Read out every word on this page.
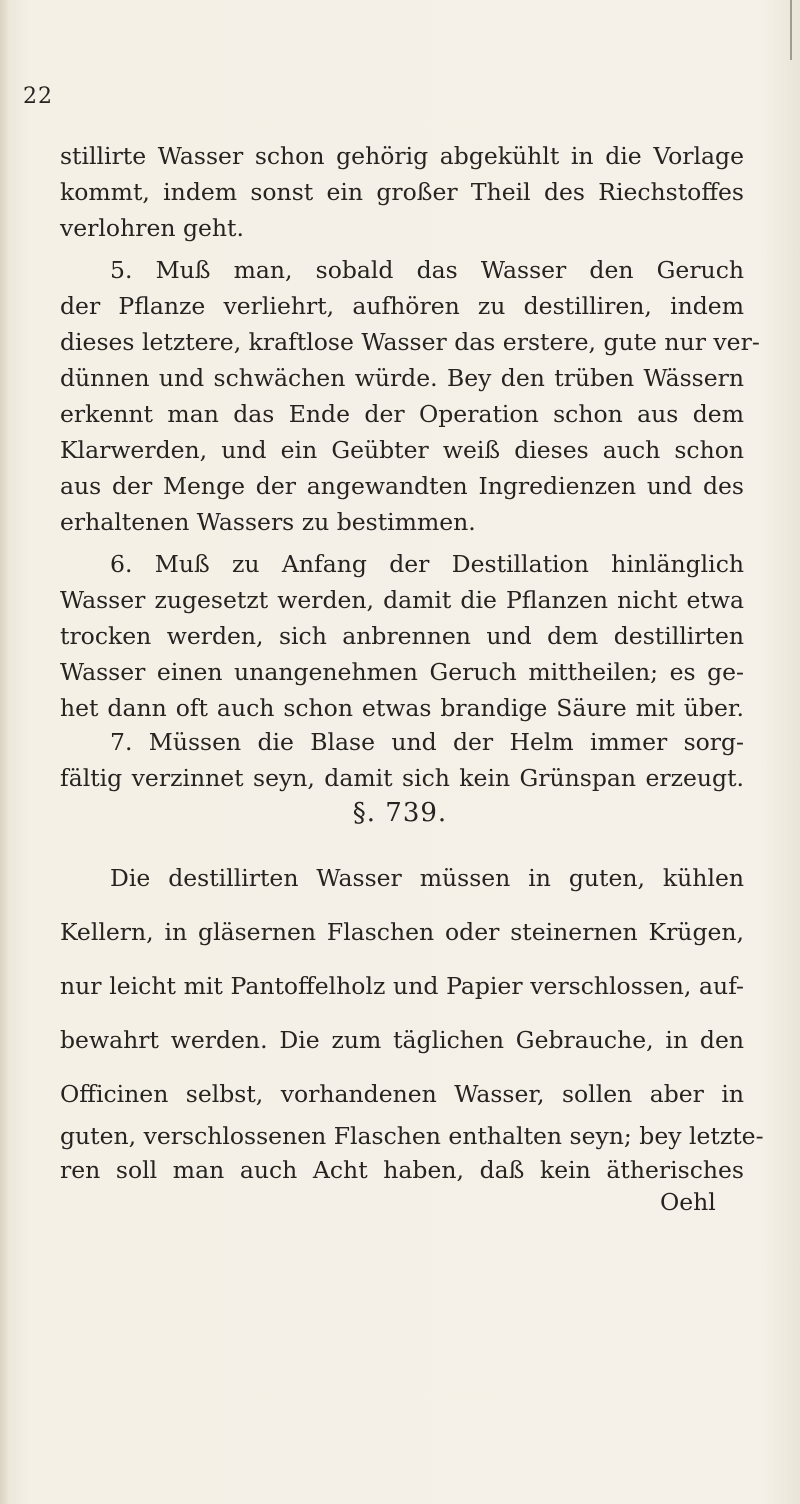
22
stillirte Wasser schon gehörig abgekühlt in die Vorlage
kommt, indem sonst ein großer Theil des Riechstoffes
verlohren geht.
5. Muß man, sobald das Wasser den Geruch
der Pflanze verliehrt, aufhören zu destilliren, indem
dieses letztere, kraftlose Wasser das erstere, gute nur ver-
dünnen und schwächen würde. Bey den trüben Wässern
erkennt man das Ende der Operation schon aus dem
Klarwerden, und ein Geübter weiß dieses auch schon
aus der Menge der angewandten Ingredienzen und des
erhaltenen Wassers zu bestimmen.
6. Muß zu Anfang der Destillation hinlänglich
Wasser zugesetzt werden, damit die Pflanzen nicht etwa
trocken werden, sich anbrennen und dem destillirten
Wasser einen unangenehmen Geruch mittheilen; es ge-
het dann oft auch schon etwas brandige Säure mit über.
7. Müssen die Blase und der Helm immer sorg-
fältig verzinnet seyn, damit sich kein Grünspan erzeugt.
§. 739.
Die destillirten Wasser müssen in guten, kühlen
Kellern, in gläsernen Flaschen oder steinernen Krügen,
nur leicht mit Pantoffelholz und Papier verschlossen, auf-
bewahrt werden. Die zum täglichen Gebrauche, in den
Officinen selbst, vorhandenen Wasser, sollen aber in
guten, verschlossenen Flaschen enthalten seyn; bey letzte-
ren soll man auch Acht haben, daß kein ätherisches
Oehl
